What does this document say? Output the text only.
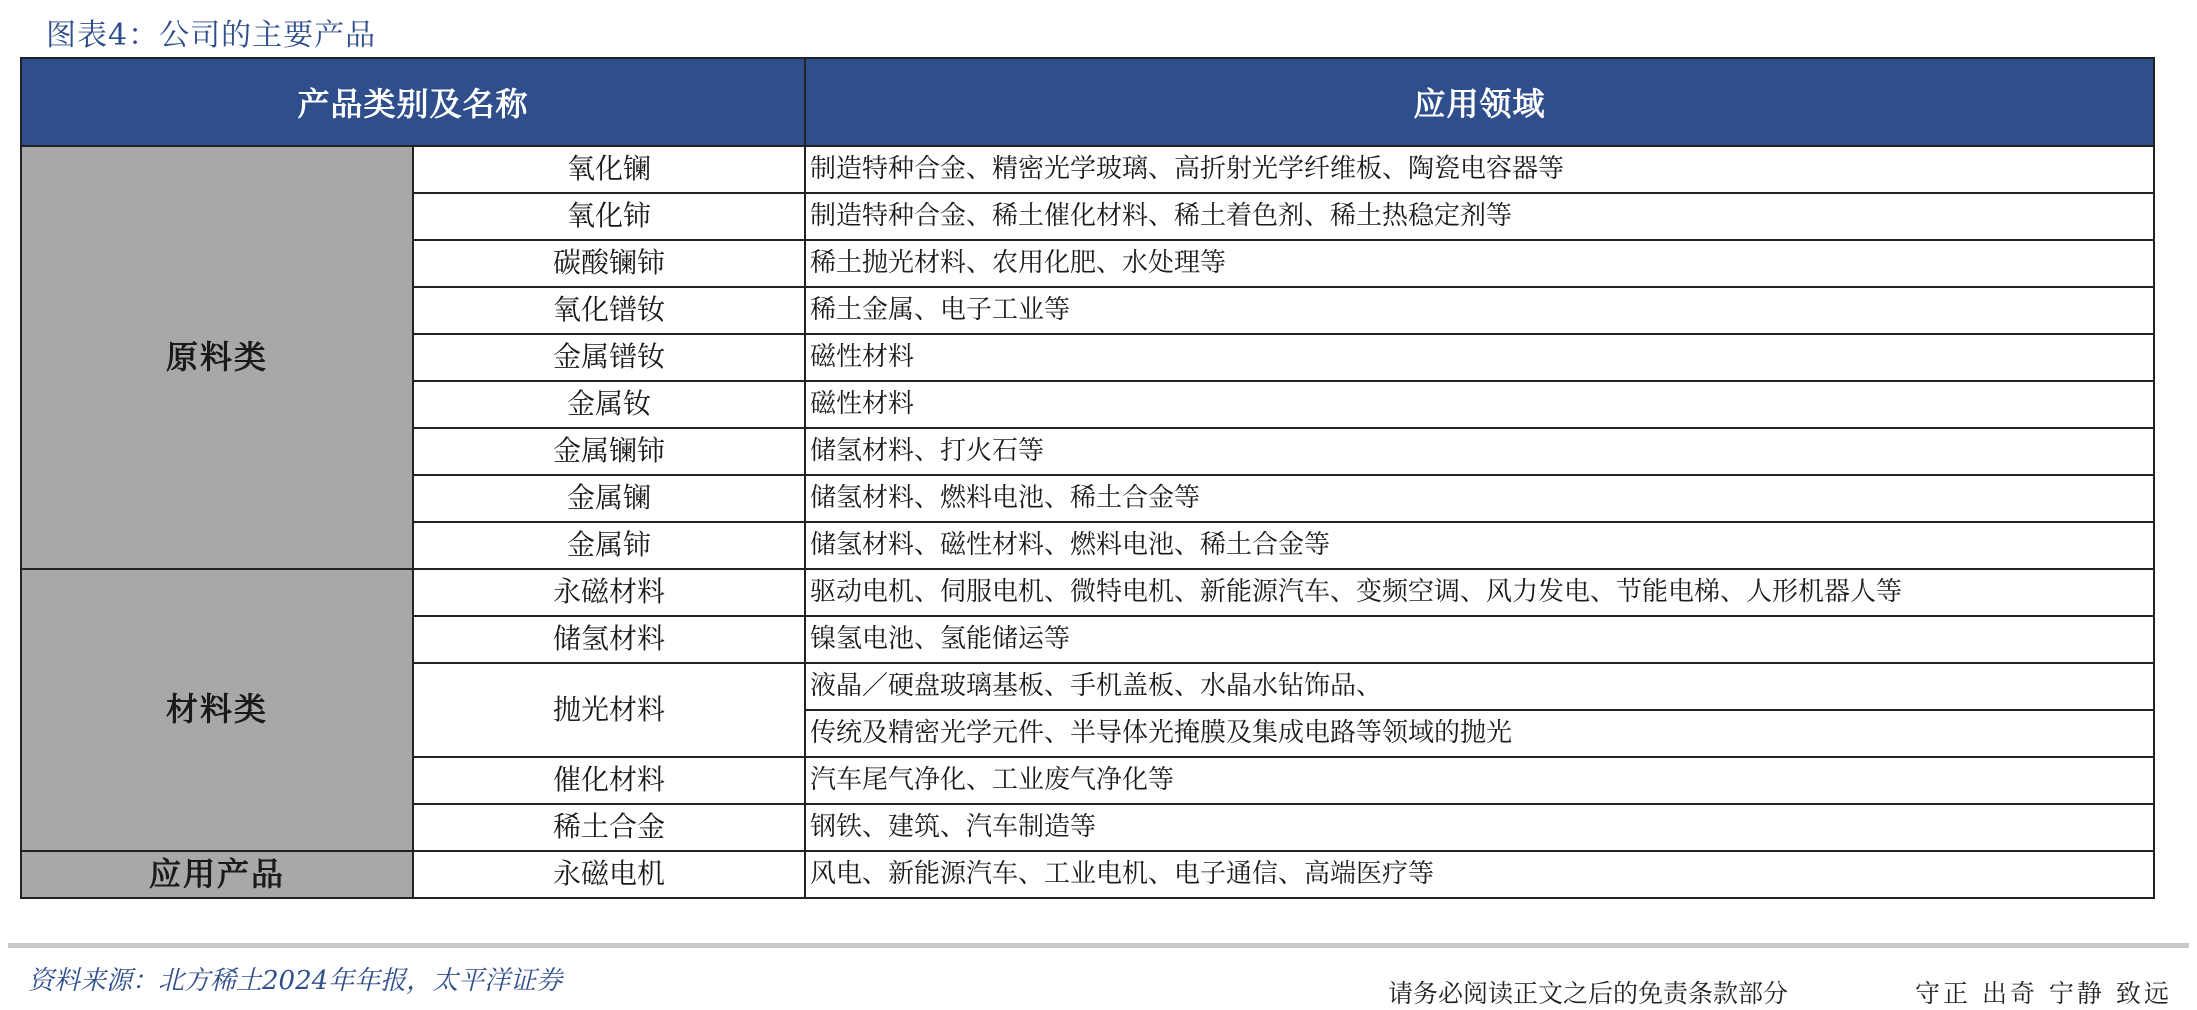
图表4：公司的主要产品
产品类别及名称		应用领域
原料类	氧化镧	制造特种合金、精密光学玻璃、高折射光学纤维板、陶瓷电容器等
	氧化铈	制造特种合金、稀土催化材料、稀土着色剂、稀土热稳定剂等
	碳酸镧铈	稀土抛光材料、农用化肥、水处理等
	氧化镨钕	稀土金属、电子工业等
	金属镨钕	磁性材料
	金属钕	磁性材料
	金属镧铈	储氢材料、打火石等
	金属镧	储氢材料、燃料电池、稀土合金等
	金属铈	储氢材料、磁性材料、燃料电池、稀土合金等
材料类	永磁材料	驱动电机、伺服电机、微特电机、新能源汽车、变频空调、风力发电、节能电梯、人形机器人等
	储氢材料	镍氢电池、氢能储运等
	抛光材料	液晶／硬盘玻璃基板、手机盖板、水晶水钻饰品、
		传统及精密光学元件、半导体光掩膜及集成电路等领域的抛光
	催化材料	汽车尾气净化、工业废气净化等
	稀土合金	钢铁、建筑、汽车制造等
应用产品	永磁电机	风电、新能源汽车、工业电机、电子通信、高端医疗等
资料来源：北方稀土2024年年报，太平洋证券	请务必阅读正文之后的免责条款部分	守正 出奇 宁静 致远
